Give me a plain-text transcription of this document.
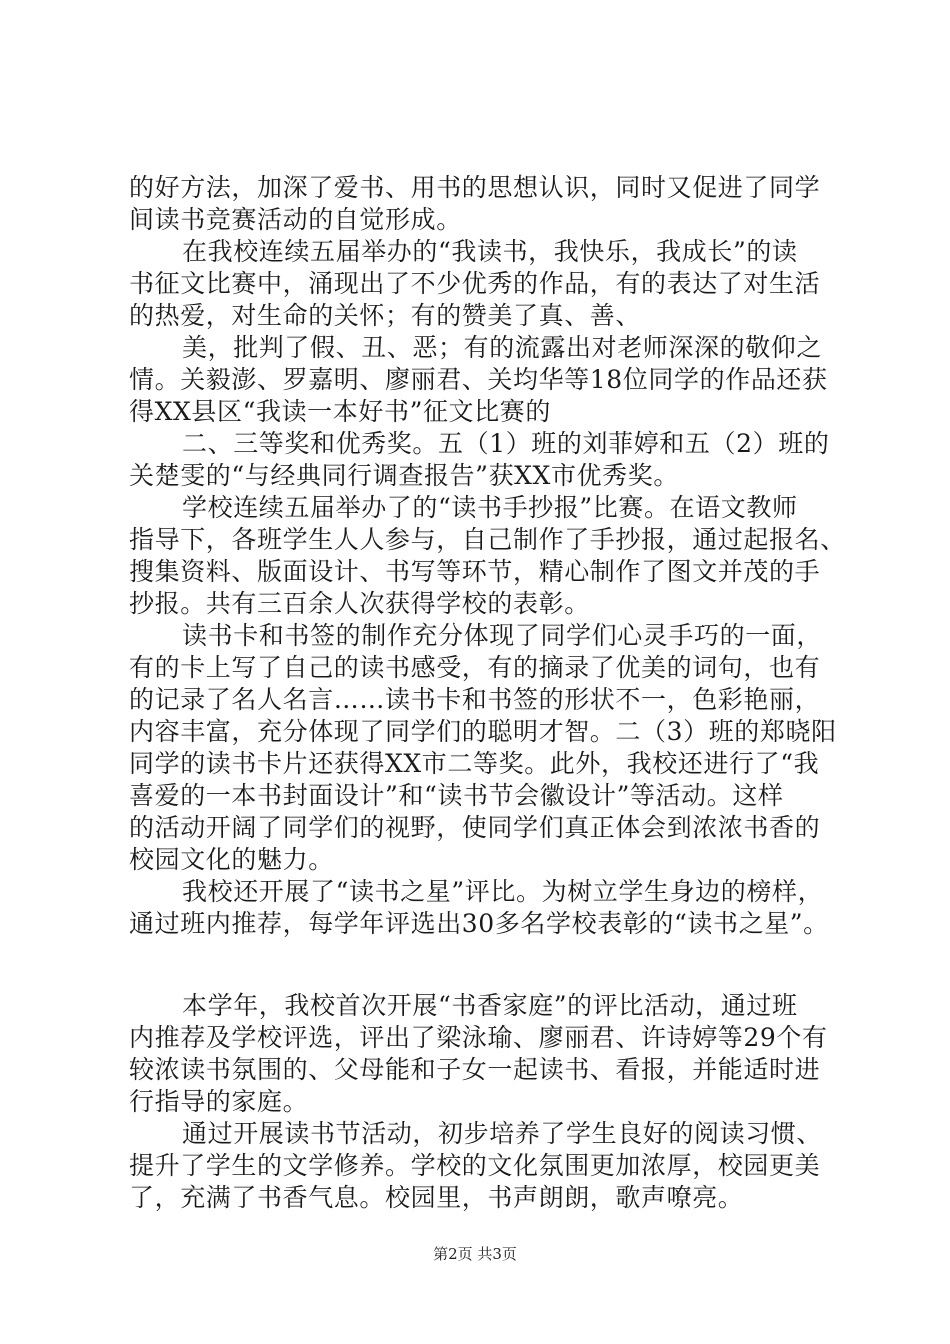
的好方法，加深了爱书、用书的思想认识，同时又促进了同学
间读书竞赛活动的自觉形成。
在我校连续五届举办的“我读书，我快乐，我成长”的读
书征文比赛中，涌现出了不少优秀的作品，有的表达了对生活
的热爱，对生命的关怀；有的赞美了真、善、
美，批判了假、丑、恶；有的流露出对老师深深的敬仰之
情。关毅澎、罗嘉明、廖丽君、关均华等18位同学的作品还获
得XX县区“我读一本好书”征文比赛的
二、三等奖和优秀奖。五（1）班的刘菲婷和五（2）班的
关楚雯的“与经典同行调查报告”获XX市优秀奖。
学校连续五届举办了的“读书手抄报”比赛。在语文教师
指导下，各班学生人人参与，自己制作了手抄报，通过起报名、
搜集资料、版面设计、书写等环节，精心制作了图文并茂的手
抄报。共有三百余人次获得学校的表彰。
读书卡和书签的制作充分体现了同学们心灵手巧的一面，
有的卡上写了自己的读书感受，有的摘录了优美的词句，也有
的记录了名人名言……读书卡和书签的形状不一，色彩艳丽，
内容丰富，充分体现了同学们的聪明才智。二（3）班的郑晓阳
同学的读书卡片还获得XX市二等奖。此外，我校还进行了“我
喜爱的一本书封面设计”和“读书节会徽设计”等活动。这样
的活动开阔了同学们的视野，使同学们真正体会到浓浓书香的
校园文化的魅力。
我校还开展了“读书之星”评比。为树立学生身边的榜样，
通过班内推荐，每学年评选出30多名学校表彰的“读书之星”。
本学年，我校首次开展“书香家庭”的评比活动，通过班
内推荐及学校评选，评出了梁泳瑜、廖丽君、许诗婷等29个有
较浓读书氛围的、父母能和子女一起读书、看报，并能适时进
行指导的家庭。
通过开展读书节活动，初步培养了学生良好的阅读习惯、
提升了学生的文学修养。学校的文化氛围更加浓厚，校园更美
了，充满了书香气息。校园里，书声朗朗，歌声嘹亮。
第2页 共3页
